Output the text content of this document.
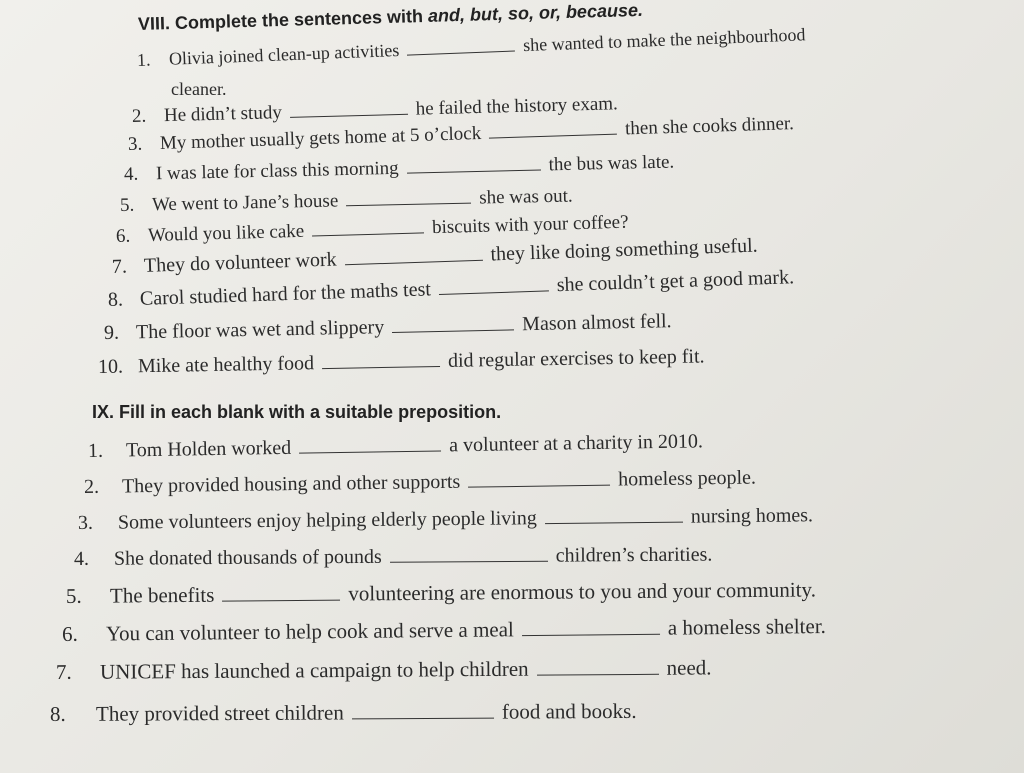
VIII. Complete the sentences with and, but, so, or, because.
1. Olivia joined clean-up activities	she wanted to make the neighbourhood
cleaner.
2. He didn’t study	he failed the history exam.
3. My mother usually gets home at 5 o’clock	then she cooks dinner.
4. I was late for class this morning	the bus was late.
5. We went to Jane’s house	she was out.
6. Would you like cake	biscuits with your coffee?
7. They do volunteer work	they like doing something useful.
8. Carol studied hard for the maths test	she couldn’t get a good mark.
9. The floor was wet and slippery	Mason almost fell.
10. Mike ate healthy food	did regular exercises to keep fit.
IX. Fill in each blank with a suitable preposition.
1.	Tom Holden worked	a volunteer at a charity in 2010.
2.	They provided housing and other supports	homeless people.
3.	Some volunteers enjoy helping elderly people living	nursing homes.
4.	She donated thousands of pounds	children’s charities.
5.	The benefits	volunteering are enormous to you and your community.
6.	You can volunteer to help cook and serve a meal	a homeless shelter.
7.	UNICEF has launched a campaign to help children	need.
8.	They provided street children	food and books.
